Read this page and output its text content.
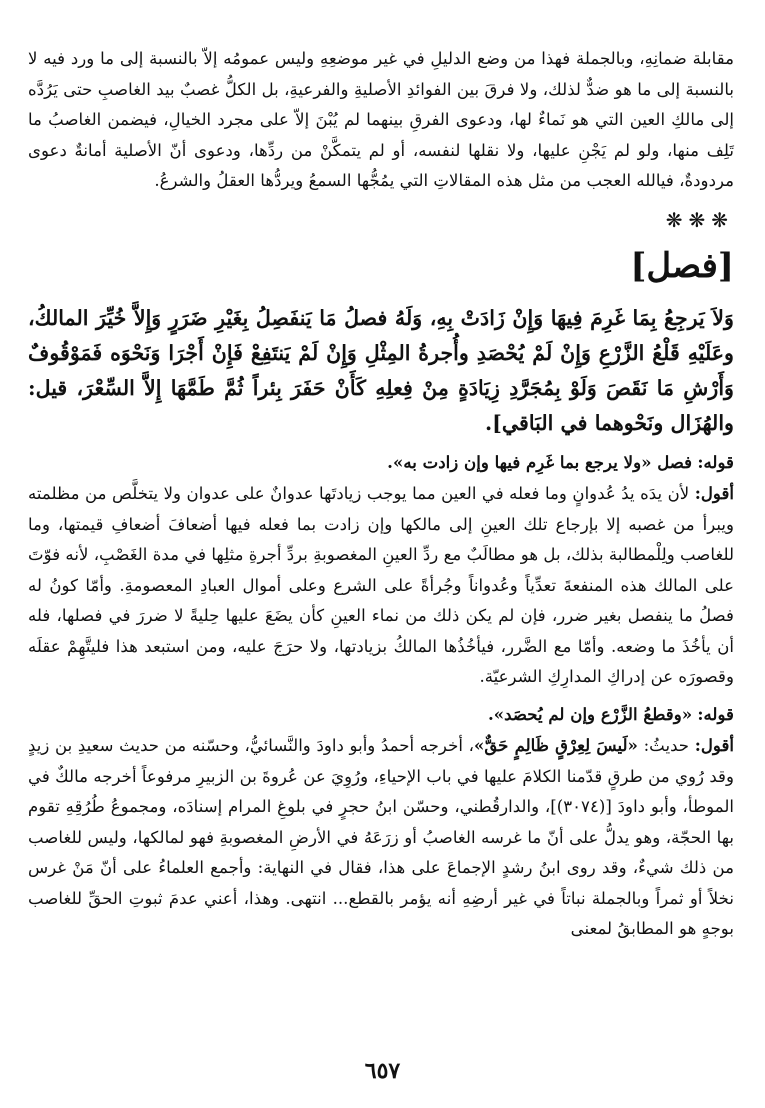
مقابلة ضمانِهِ، وبالجملة فهذا من وضع الدليلِ في غير موضعِهِ وليس عمومُه إلاّ بالنسبة إلى ما ورد فيه لا بالنسبة إلى ما هو ضدٌّ لذلك، ولا فرقَ بين الفوائدِ الأصليةِ والفرعيةِ، بل الكلُّ غصبٌ بيد الغاصبِ حتى يَرُدَّه إلى مالكِ العين التي هو نَماءٌ لها، ودعوى الفرقِ بينهما لم يُبْنَ إلاّ على مجرد الخيالِ، فيضمن الغاصبُ ما تَلِف منها، ولو لم يَجْنِ عليها، ولا نقلها لنفسه، أو لم يتمكَّنْ من ردِّها، ودعوى أنّ الأصلية أمانةٌ دعوى مردودةٌ، فيالله العجب من مثل هذه المقالاتِ التي يمُجُّها السمعُ ويردُّها العقلُ والشرعُ.

❋❋❋
[فصل]

وَلاَ يَرجِعُ بِمَا غَرِمَ فِيهَا وَإِنْ زَادَتْ بِهِ، وَلَهُ فصلُ مَا يَنفَصِلُ بِغَيْرِ ضَرَرٍ وَإِلاَّ خُيِّرَ المالكُ، وعَلَيْهِ قَلْعُ الزَّرْعِ وَإِنْ لَمْ يُحْصَدِ وأُجرةُ المِثْلِ وَإِنْ لَمْ يَنتَفِعْ فَإِنْ أَجْرَا وَنَحْوَه فَمَوْقُوفٌ وَأَرْشِ مَا نَقَصَ وَلَوْ بِمُجَرَّدِ زِيَادَةٍ مِنْ فِعلِهِ كَأَنْ حَفَرَ بِئراً ثُمَّ طَمَّهَا إِلاَّ السِّعْرَ، قيل: والهُزَال ونَحْوهما في البَاقي].

قوله: فصل «ولا يرجع بما غَرِم فيها وإن زادت به».

أقول: لأن يدَه يدُ عُدوانٍ وما فعله في العين مما يوجب زيادتَها عدوانٌ على عدوان ولا يتخلَّص من مظلمته ويبرأ من غصبه إلا بإرجاع تلك العينِ إلى مالكها وإن زادت بما فعله فيها أضعافَ أضعافِ قيمتها، وما للغاصب ولِلْمطالبة بذلك، بل هو مطالَبٌ مع ردِّ العينِ المغصوبةِ بردِّ أجرةِ مثلِها في مدة الغَصْبِ، لأنه فوّتَ على المالك هذه المنفعةَ تعدِّياً وعُدواناً وجُرأةً على الشرع وعلى أموال العبادِ المعصومةِ. وأمّا كونُ له فصلُ ما ينفصل بغير ضرر، فإن لم يكن ذلك من نماء العينِ كأن يضَعَ عليها حِليةً لا ضررَ في فصلها، فله أن يأخُذَ ما وضعه. وأمّا مع الضَّرر، فيأخُذُها المالكُ بزيادتها، ولا حرَجَ عليه، ومن استبعد هذا فليتَّهِمْ عقلَه وقصورَه عن إدراكِ المدارِكِ الشرعيّة.

قوله: «وقطعُ الزَّرْع وإن لم يُحصَد».

أقول: حديثُ: «لَيسَ لِعِرْقٍ ظَالِمٍ حَقٌّ»، أخرجه أحمدُ وأبو داودَ والنَّسائيُّ، وحسّنه من حديث سعيدِ بن زيدٍ وقد رُوي من طرقٍ قدّمنا الكلامَ عليها في باب الإحياءِ، ورُوِيَ عن عُروةَ بن الزبيرِ مرفوعاً أخرجه مالكٌ في الموطأ، وأبو داودَ [(٣٠٧٤)]، والدارقُطني، وحسّن ابنُ حجرٍ في بلوغِ المرام إسنادَه، ومجموعُ طُرُقِهِ تقوم بها الحجّة، وهو يدلُّ على أنّ ما غرسه الغاصبُ أو زرَعَهُ في الأرضِ المغصوبةِ فهو لمالكها، وليس للغاصب من ذلك شيءٌ، وقد روى ابنُ رشدٍ الإجماعَ على هذا، فقال في النهاية: وأجمع العلماءُ على أنّ مَنْ غرس نخلاً أو ثمراً وبالجملة نباتاً في غير أرضِهِ أنه يؤمر بالقطع... انتهى. وهذا، أعني عدمَ ثبوتِ الحقِّ للغاصب بوجهٍ هو المطابقُ لمعنى

٦٥٧
